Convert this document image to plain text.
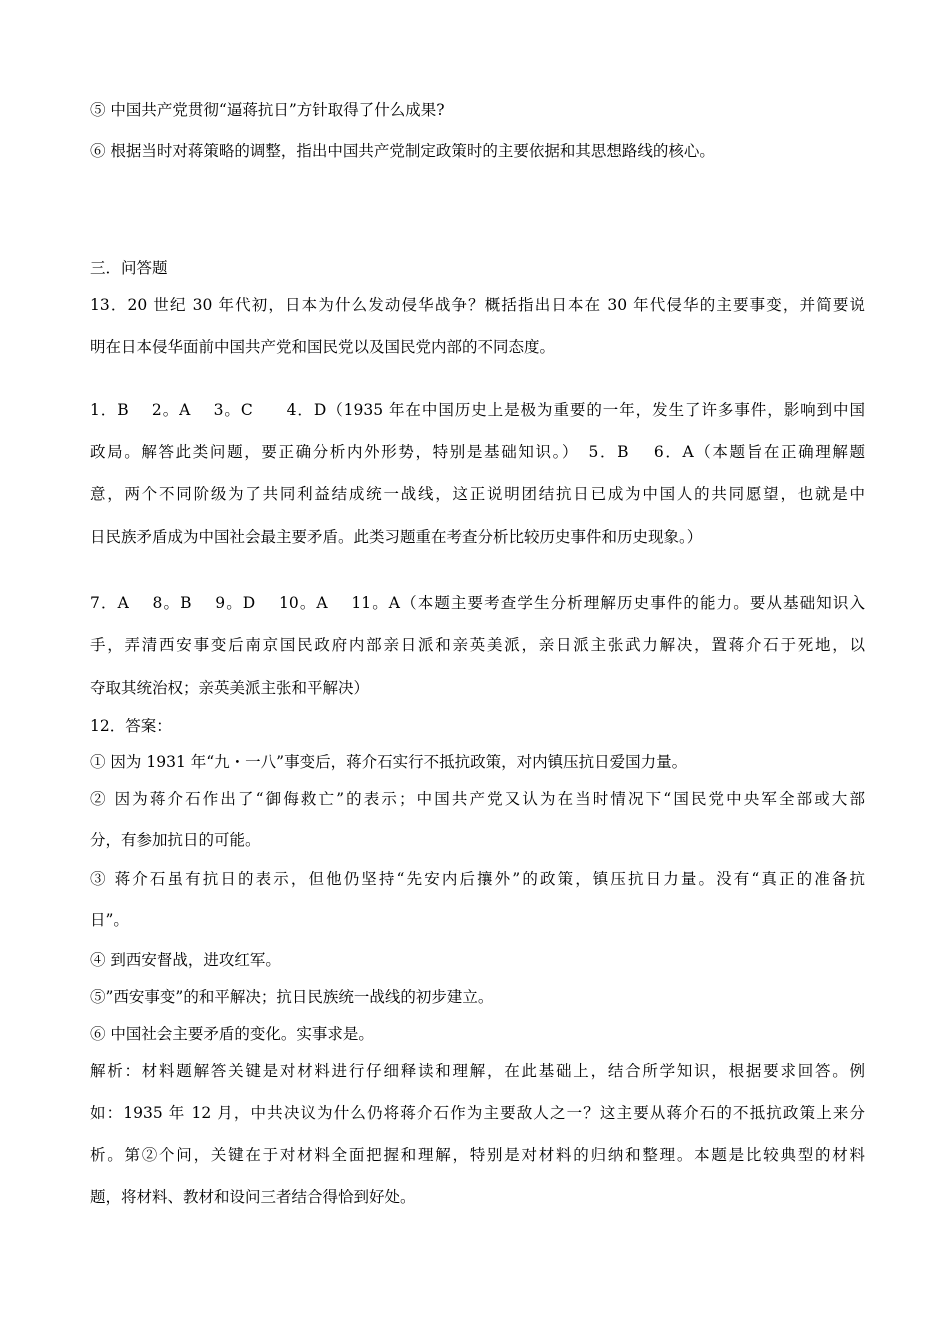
⑤ 中国共产党贯彻“逼蒋抗日”方针取得了什么成果?
⑥ 根据当时对蒋策略的调整，指出中国共产党制定政策时的主要依据和其思想路线的核心。
三．问答题
13．20 世纪 30 年代初，日本为什么发动侵华战争？概括指出日本在 30 年代侵华的主要事变，并简要说
明在日本侵华面前中国共产党和国民党以及国民党内部的不同态度。
1．B　 2。A　 3。C　　4．D（1935 年在中国历史上是极为重要的一年，发生了许多事件，影响到中国
政局。解答此类问题，要正确分析内外形势，特别是基础知识。）　5．B　 6．A（本题旨在正确理解题
意，两个不同阶级为了共同利益结成统一战线，这正说明团结抗日已成为中国人的共同愿望，也就是中
日民族矛盾成为中国社会最主要矛盾。此类习题重在考查分析比较历史事件和历史现象。）
7．A　 8。B　 9。D　 10。A　 11。A（本题主要考查学生分析理解历史事件的能力。要从基础知识入
手，弄清西安事变后南京国民政府内部亲日派和亲英美派，亲日派主张武力解决，置蒋介石于死地，以
夺取其统治权；亲英美派主张和平解决）
12．答案：
① 因为 1931 年“九・一八”事变后，蒋介石实行不抵抗政策，对内镇压抗日爱国力量。
② 因为蒋介石作出了“御侮救亡”的表示；中国共产党又认为在当时情况下“国民党中央军全部或大部
分，有参加抗日的可能。
③ 蒋介石虽有抗日的表示，但他仍坚持“先安内后攘外”的政策，镇压抗日力量。没有“真正的准备抗
日”。
④ 到西安督战，进攻红军。
⑤”西安事变”的和平解决；抗日民族统一战线的初步建立。
⑥ 中国社会主要矛盾的变化。实事求是。
解析：材料题解答关键是对材料进行仔细释读和理解，在此基础上，结合所学知识，根据要求回答。例
如：1935 年 12 月，中共决议为什么仍将蒋介石作为主要敌人之一？这主要从蒋介石的不抵抗政策上来分
析。第②个问，关键在于对材料全面把握和理解，特别是对材料的归纳和整理。本题是比较典型的材料
题，将材料、教材和设问三者结合得恰到好处。
